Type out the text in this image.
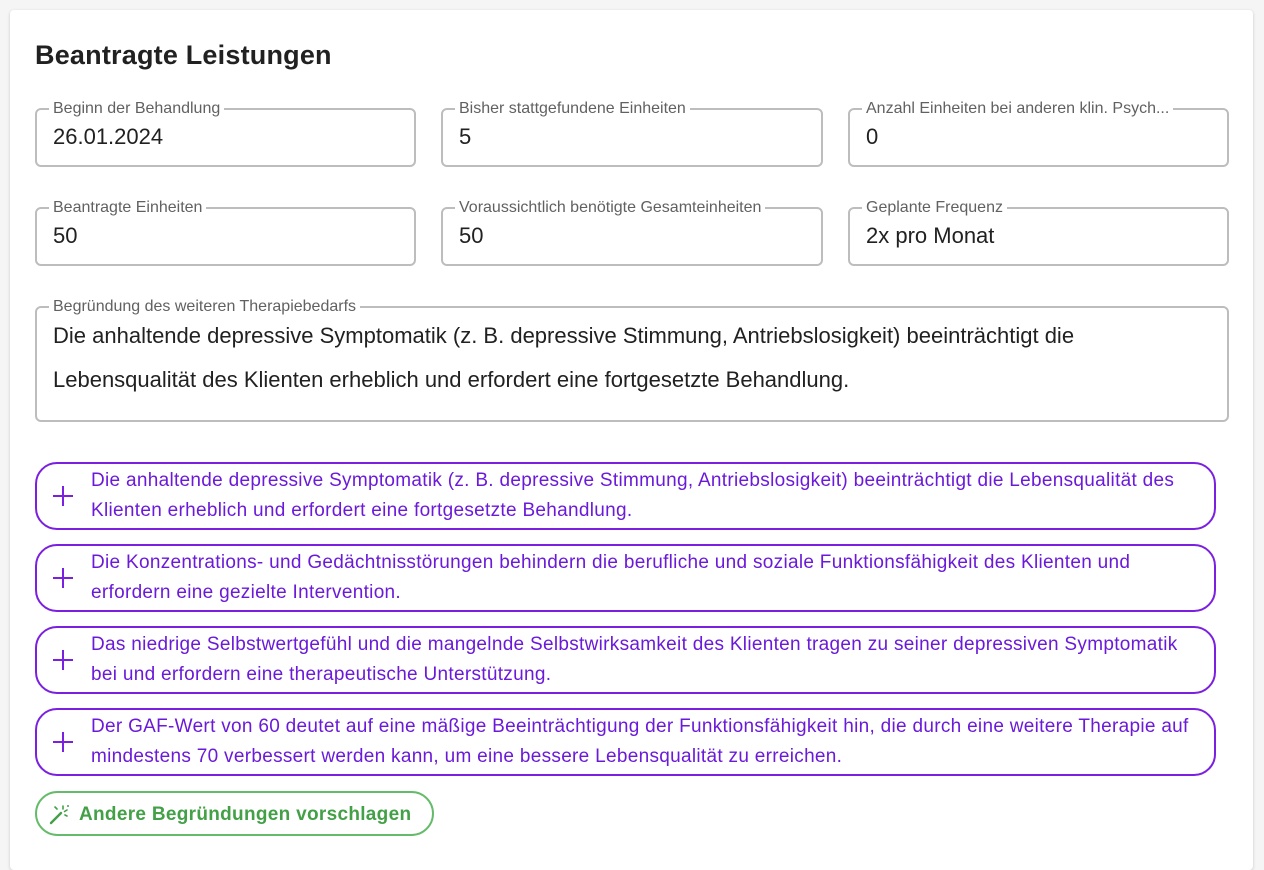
Beantragte Leistungen
Beginn der Behandlung
26.01.2024
Bisher stattgefundene Einheiten
5
Anzahl Einheiten bei anderen klin. Psych...
0
Beantragte Einheiten
50
Voraussichtlich benötigte Gesamteinheiten
50
Geplante Frequenz
2x pro Monat
Begründung des weiteren Therapiebedarfs
Die anhaltende depressive Symptomatik (z. B. depressive Stimmung, Antriebslosigkeit) beeinträchtigt die Lebensqualität des Klienten erheblich und erfordert eine fortgesetzte Behandlung.
Die anhaltende depressive Symptomatik (z. B. depressive Stimmung, Antriebslosigkeit) beeinträchtigt die Lebensqualität des Klienten erheblich und erfordert eine fortgesetzte Behandlung.
Die Konzentrations- und Gedächtnisstörungen behindern die berufliche und soziale Funktionsfähigkeit des Klienten und erfordern eine gezielte Intervention.
Das niedrige Selbstwertgefühl und die mangelnde Selbstwirksamkeit des Klienten tragen zu seiner depressiven Symptomatik bei und erfordern eine therapeutische Unterstützung.
Der GAF-Wert von 60 deutet auf eine mäßige Beeinträchtigung der Funktionsfähigkeit hin, die durch eine weitere Therapie auf mindestens 70 verbessert werden kann, um eine bessere Lebensqualität zu erreichen.
Andere Begründungen vorschlagen
